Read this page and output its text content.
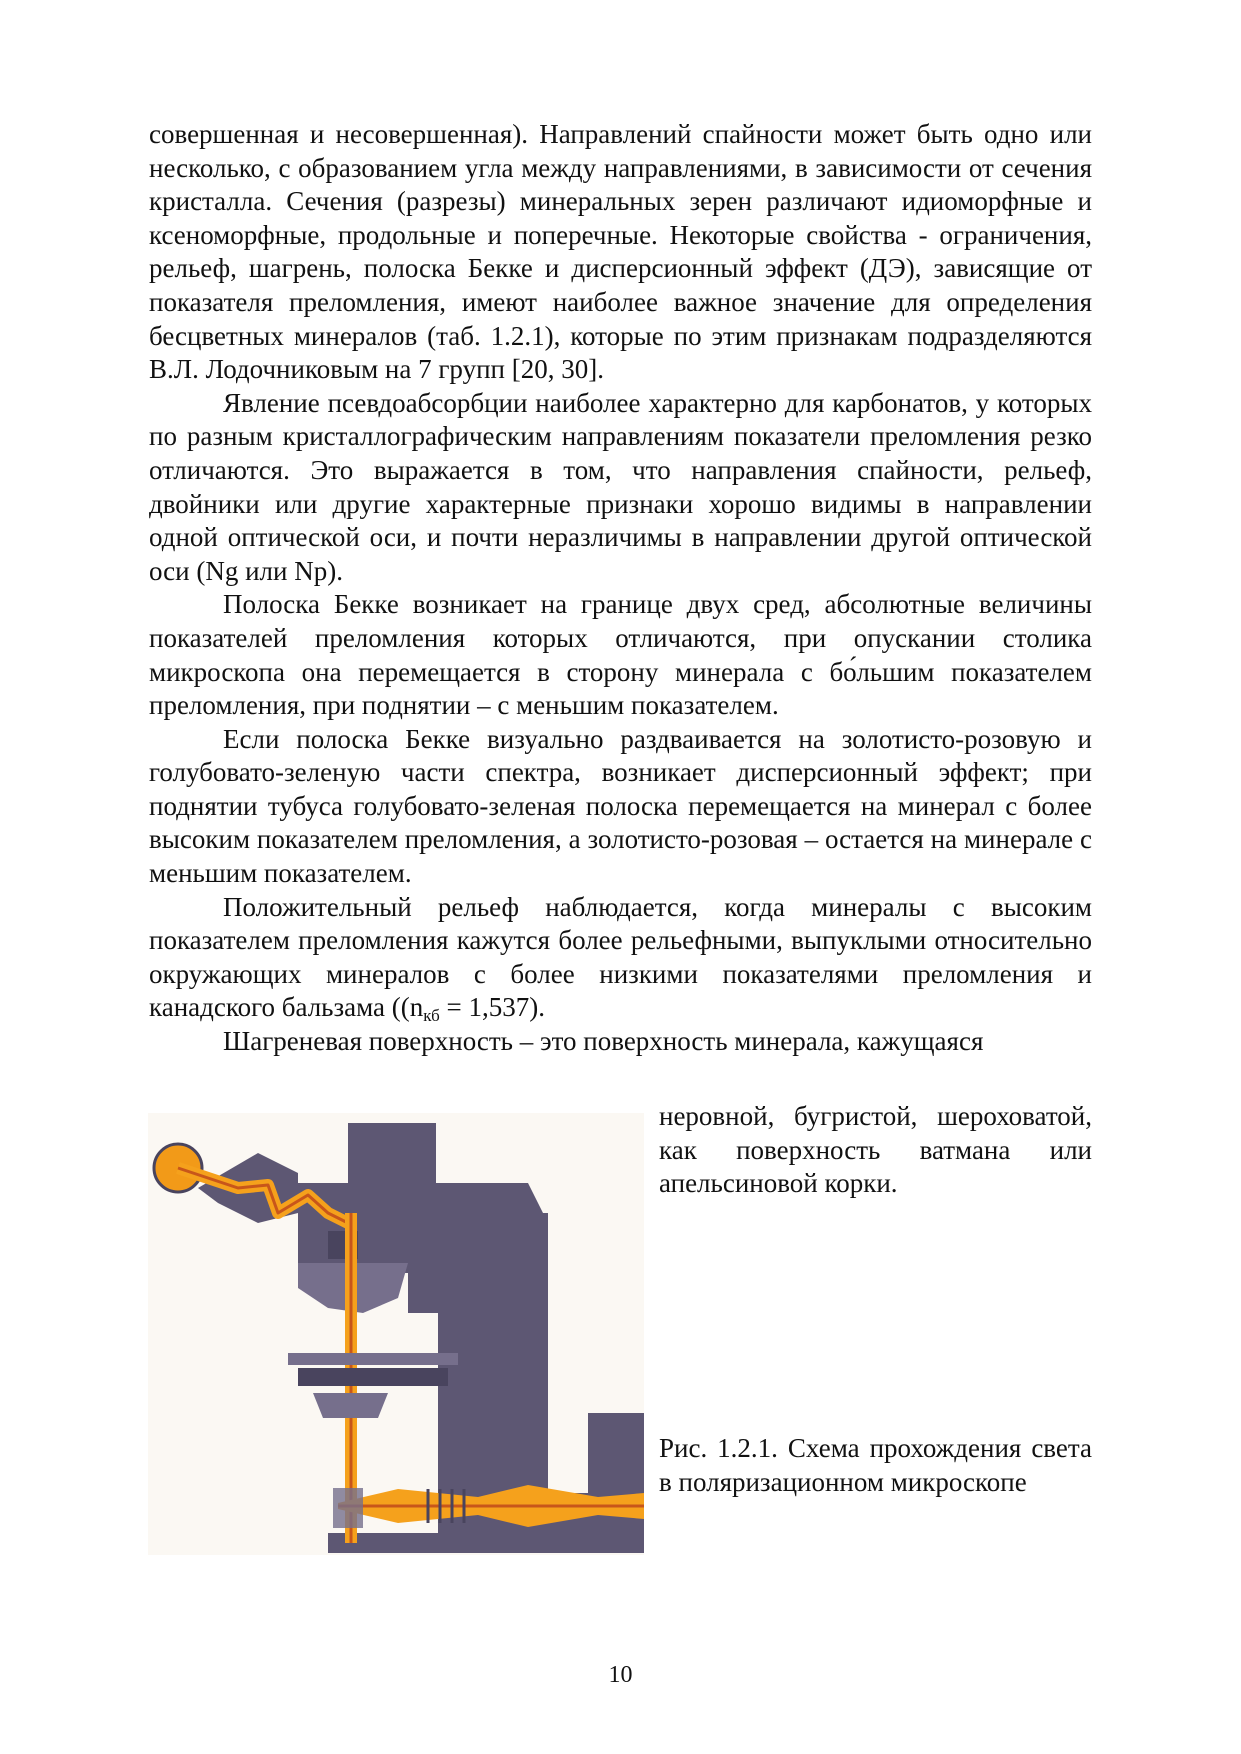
совершенная и несовершенная). Направлений спайности может быть одно или несколько, с образованием угла между направлениями, в зависимости от сечения кристалла. Сечения (разрезы) минеральных зерен различают идиоморфные и ксеноморфные, продольные и поперечные. Некоторые свойства - ограничения, рельеф, шагрень, полоска Бекке и дисперсионный эффект (ДЭ), зависящие от показателя преломления, имеют наиболее важное значение для определения бесцветных минералов (таб. 1.2.1), которые по этим признакам подразделяются В.Л. Лодочниковым на 7 групп [20, 30].

Явление псевдоабсорбции наиболее характерно для карбонатов, у которых по разным кристаллографическим направлениям показатели преломления резко отличаются. Это выражается в том, что направления спайности, рельеф, двойники или другие характерные признаки хорошо видимы в направлении одной оптической оси, и почти неразличимы в направлении другой оптической оси (Ng или Np).

Полоска Бекке возникает на границе двух сред, абсолютные величины показателей преломления которых отличаются, при опускании столика микроскопа она перемещается в сторону минерала с бо́льшим показателем преломления, при поднятии – с меньшим показателем.

Если полоска Бекке визуально раздваивается на золотисто-розовую и голубовато-зеленую части спектра, возникает дисперсионный эффект; при поднятии тубуса голубовато-зеленая полоска перемещается на минерал с более высоким показателем преломления, а золотисто-розовая – остается на минерале с меньшим показателем.

Положительный рельеф наблюдается, когда минералы с высоким показателем преломления кажутся более рельефными, выпуклыми относительно окружающих минералов с более низкими показателями преломления и канадского бальзама ($(n_{кб} = 1,537)$.

Шагреневая поверхность – это поверхность минерала, кажущаяся

неровной, бугристой, шероховатой, как поверхность ватмана или апельсиновой корки.

Рис. 1.2.1. Схема прохождения света в поляризационном микроскопе

10
